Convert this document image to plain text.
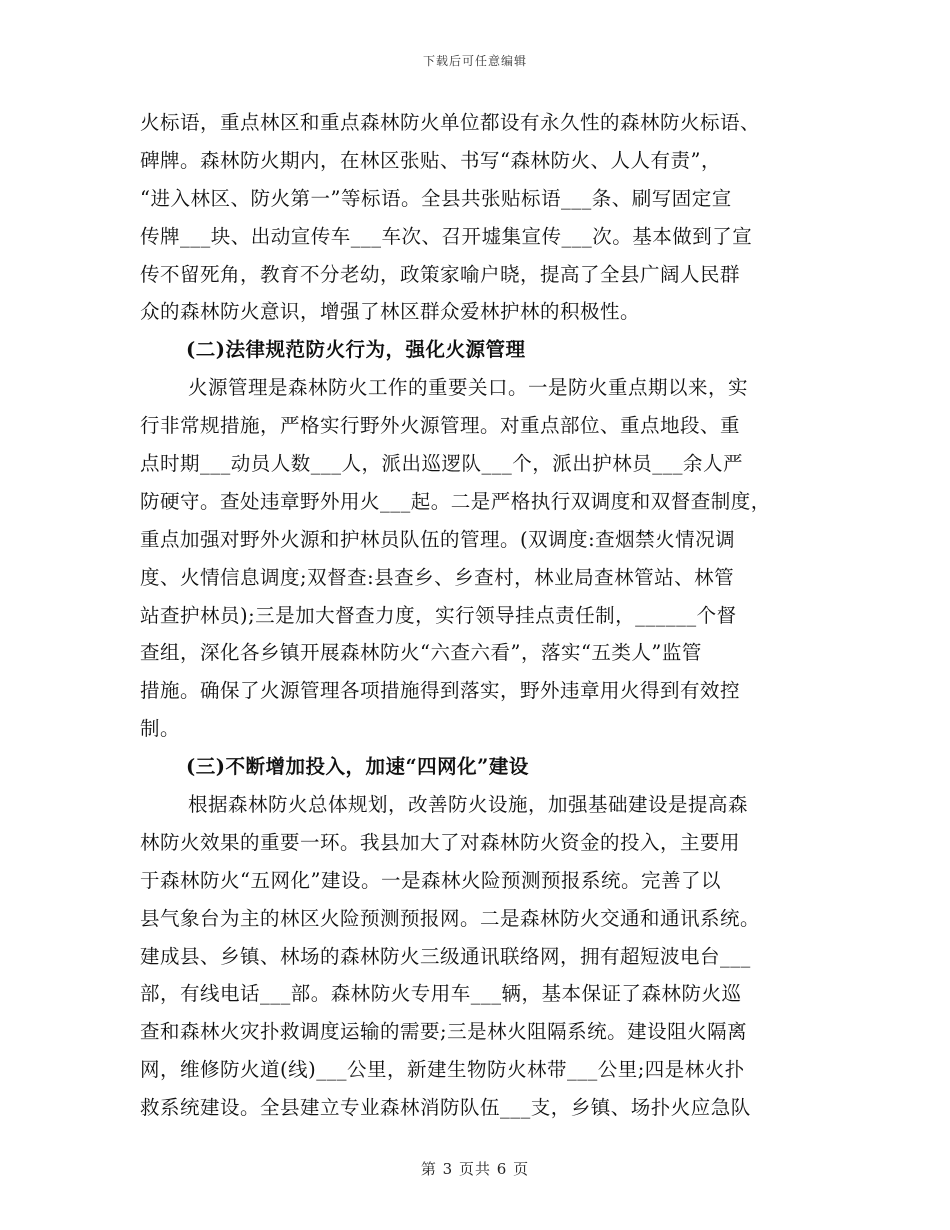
下载后可任意编辑
火标语，重点林区和重点森林防火单位都设有永久性的森林防火标语、
碑牌。森林防火期内，在林区张贴、书写“森林防火、人人有责”，
“进入林区、防火第一”等标语。全县共张贴标语___条、刷写固定宣
传牌___块、出动宣传车___车次、召开墟集宣传___次。基本做到了宣
传不留死角，教育不分老幼，政策家喻户晓，提高了全县广阔人民群
众的森林防火意识，增强了林区群众爱林护林的积极性。
(二)法律规范防火行为，强化火源管理
火源管理是森林防火工作的重要关口。一是防火重点期以来，实
行非常规措施，严格实行野外火源管理。对重点部位、重点地段、重
点时期___动员人数___人，派出巡逻队___个，派出护林员___余人严
防硬守。查处违章野外用火___起。二是严格执行双调度和双督查制度，
重点加强对野外火源和护林员队伍的管理。(双调度:查烟禁火情况调
度、火情信息调度;双督查:县查乡、乡查村，林业局查林管站、林管
站查护林员);三是加大督查力度，实行领导挂点责任制，______个督
查组，深化各乡镇开展森林防火“六查六看”，落实“五类人”监管
措施。确保了火源管理各项措施得到落实，野外违章用火得到有效控
制。
(三)不断增加投入，加速“四网化”建设
根据森林防火总体规划，改善防火设施，加强基础建设是提高森
林防火效果的重要一环。我县加大了对森林防火资金的投入，主要用
于森林防火“五网化”建设。一是森林火险预测预报系统。完善了以
县气象台为主的林区火险预测预报网。二是森林防火交通和通讯系统。
建成县、乡镇、林场的森林防火三级通讯联络网，拥有超短波电台___
部，有线电话___部。森林防火专用车___辆，基本保证了森林防火巡
查和森林火灾扑救调度运输的需要;三是林火阻隔系统。建设阻火隔离
网，维修防火道(线)___公里，新建生物防火林带___公里;四是林火扑
救系统建设。全县建立专业森林消防队伍___支，乡镇、场扑火应急队
第 3 页共 6 页
